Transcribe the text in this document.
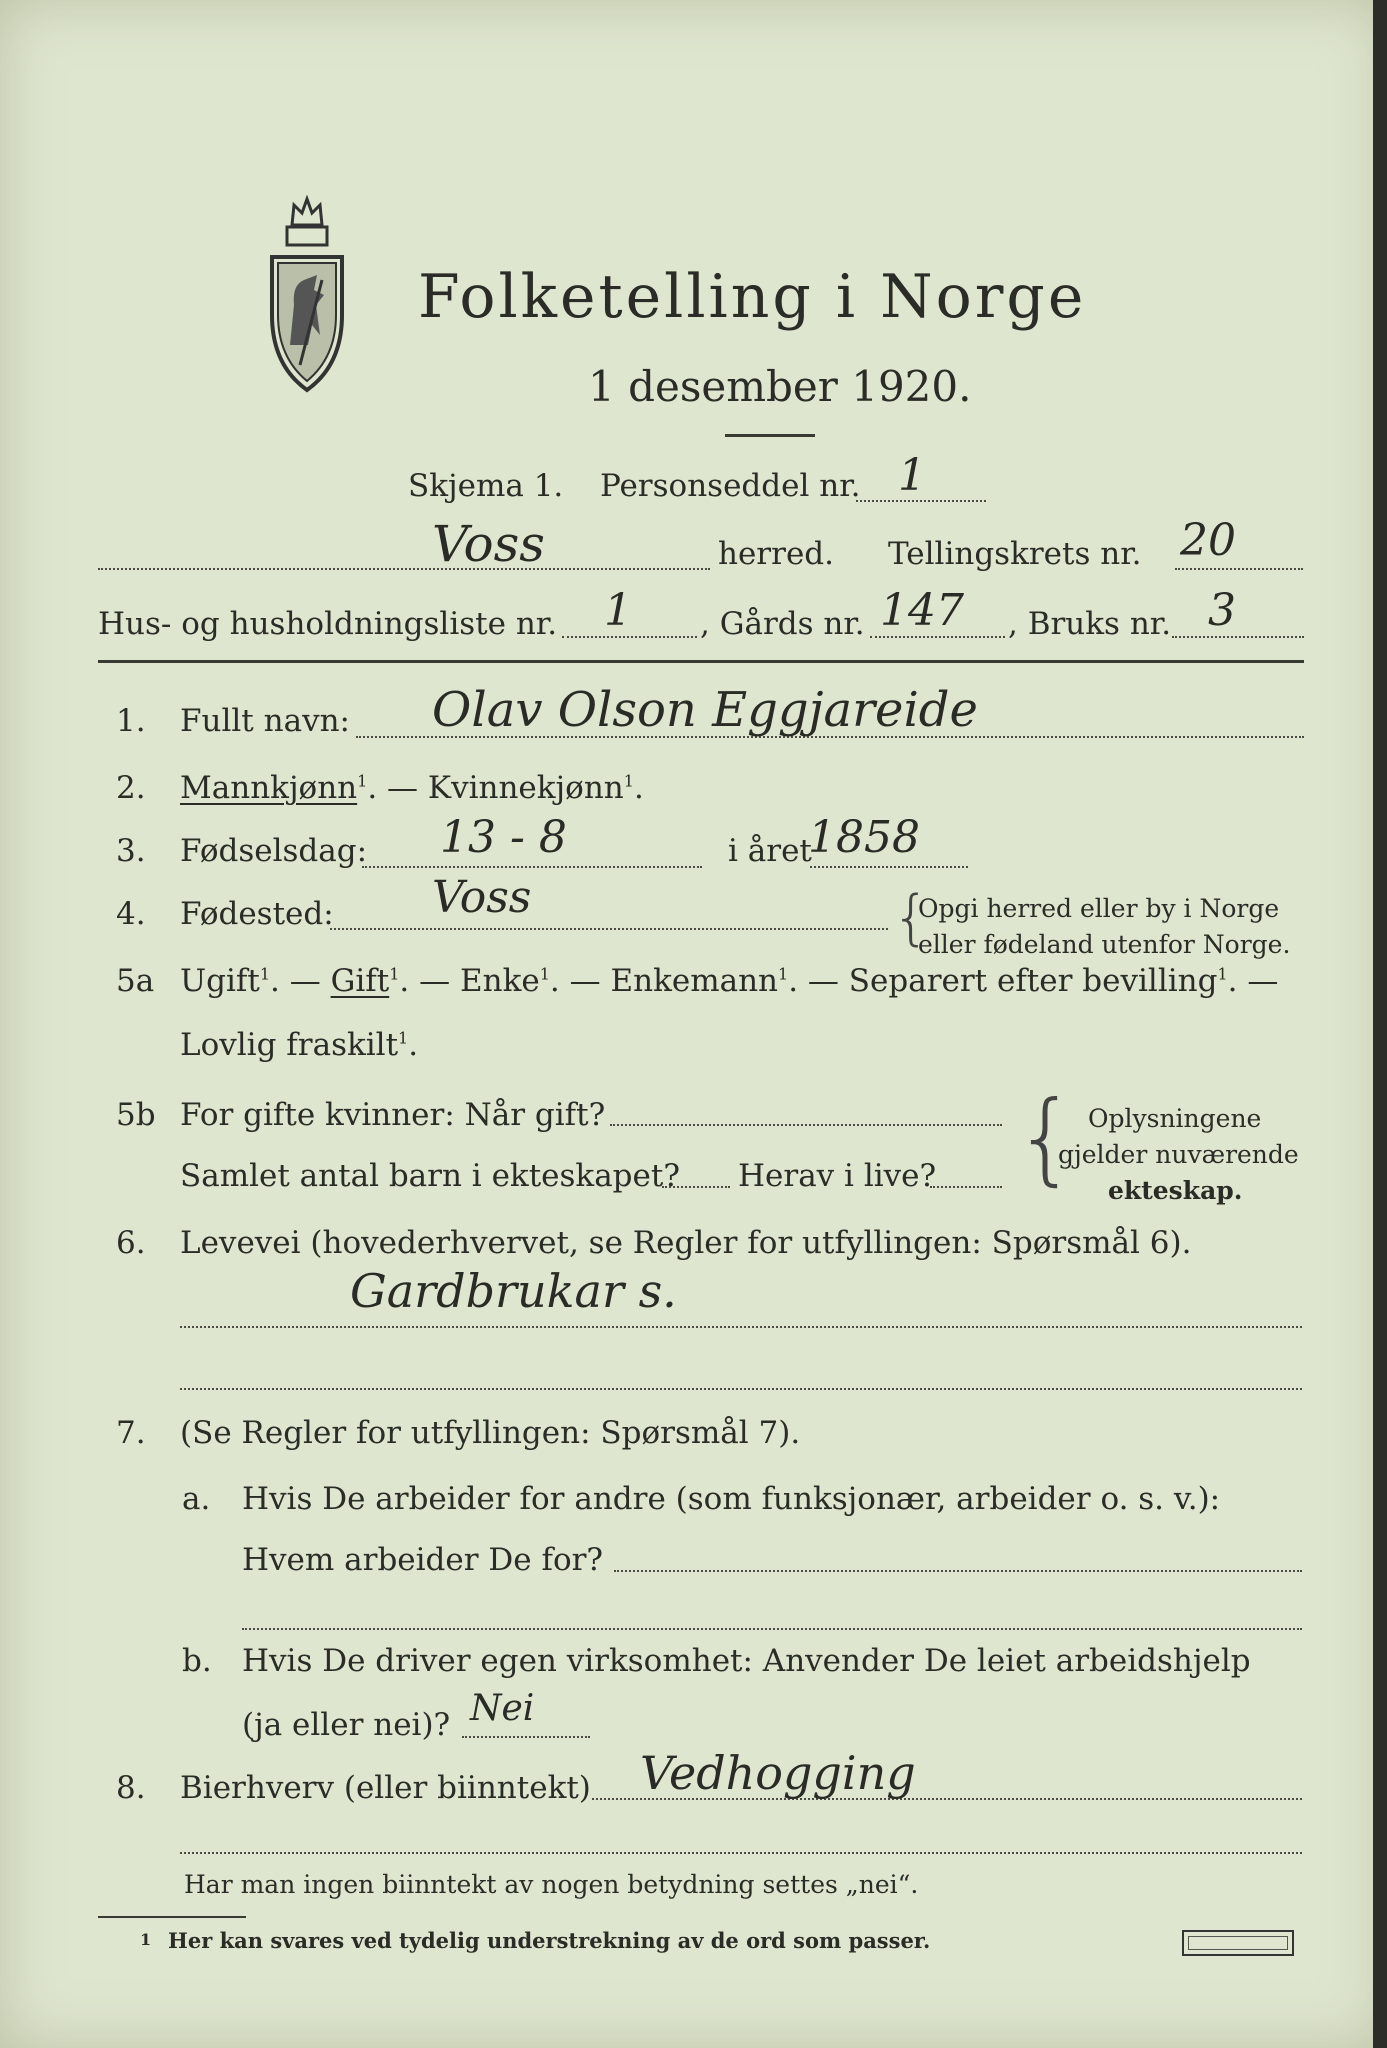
Folketelling i Norge
1 desember 1920.
Skjema 1. Personseddel nr. 1
Voss	herred. Tellingskrets nr. 20
Hus- og husholdningsliste nr. 1 , Gårds nr. 147 , Bruks nr. 3
1. Fullt navn: Olav Olson Eggjareide
2. Mannkjønn$^1$. — Kvinnekjønn$^1$.
3. Fødselsdag: 13 - 8	i året
1858
4. Fødested: Voss	{
Opgi herred eller by i Norge
eller fødeland utenfor Norge.
5a Ugift$^1$. — Gift$^1$. — Enke$^1$. — Enkemann$^1$. — Separert efter bevilling$^1$. —
Lovlig fraskilt$^1$.
5b For gifte kvinner: Når gift?
Samlet antal barn i ekteskapet? Herav i live? { Oplysningene
gjelder nuværende
ekteskap.
6. Levevei (hovederhvervet, se Regler for utfyllingen: Spørsmål 6).
Gardbrukar s.
7. (Se Regler for utfyllingen: Spørsmål 7).
a. Hvis De arbeider for andre (som funksjonær, arbeider o. s. v.):
Hvem arbeider De for?
b. Hvis De driver egen virksomhet: Anvender De leiet arbeidshjelp
(ja eller nei)? Nei
8. Bierhverv (eller biinntekt) Vedhogging
Har man ingen biinntekt av nogen betydning settes „nei“.
1 Her kan svares ved tydelig understrekning av de ord som passer.
